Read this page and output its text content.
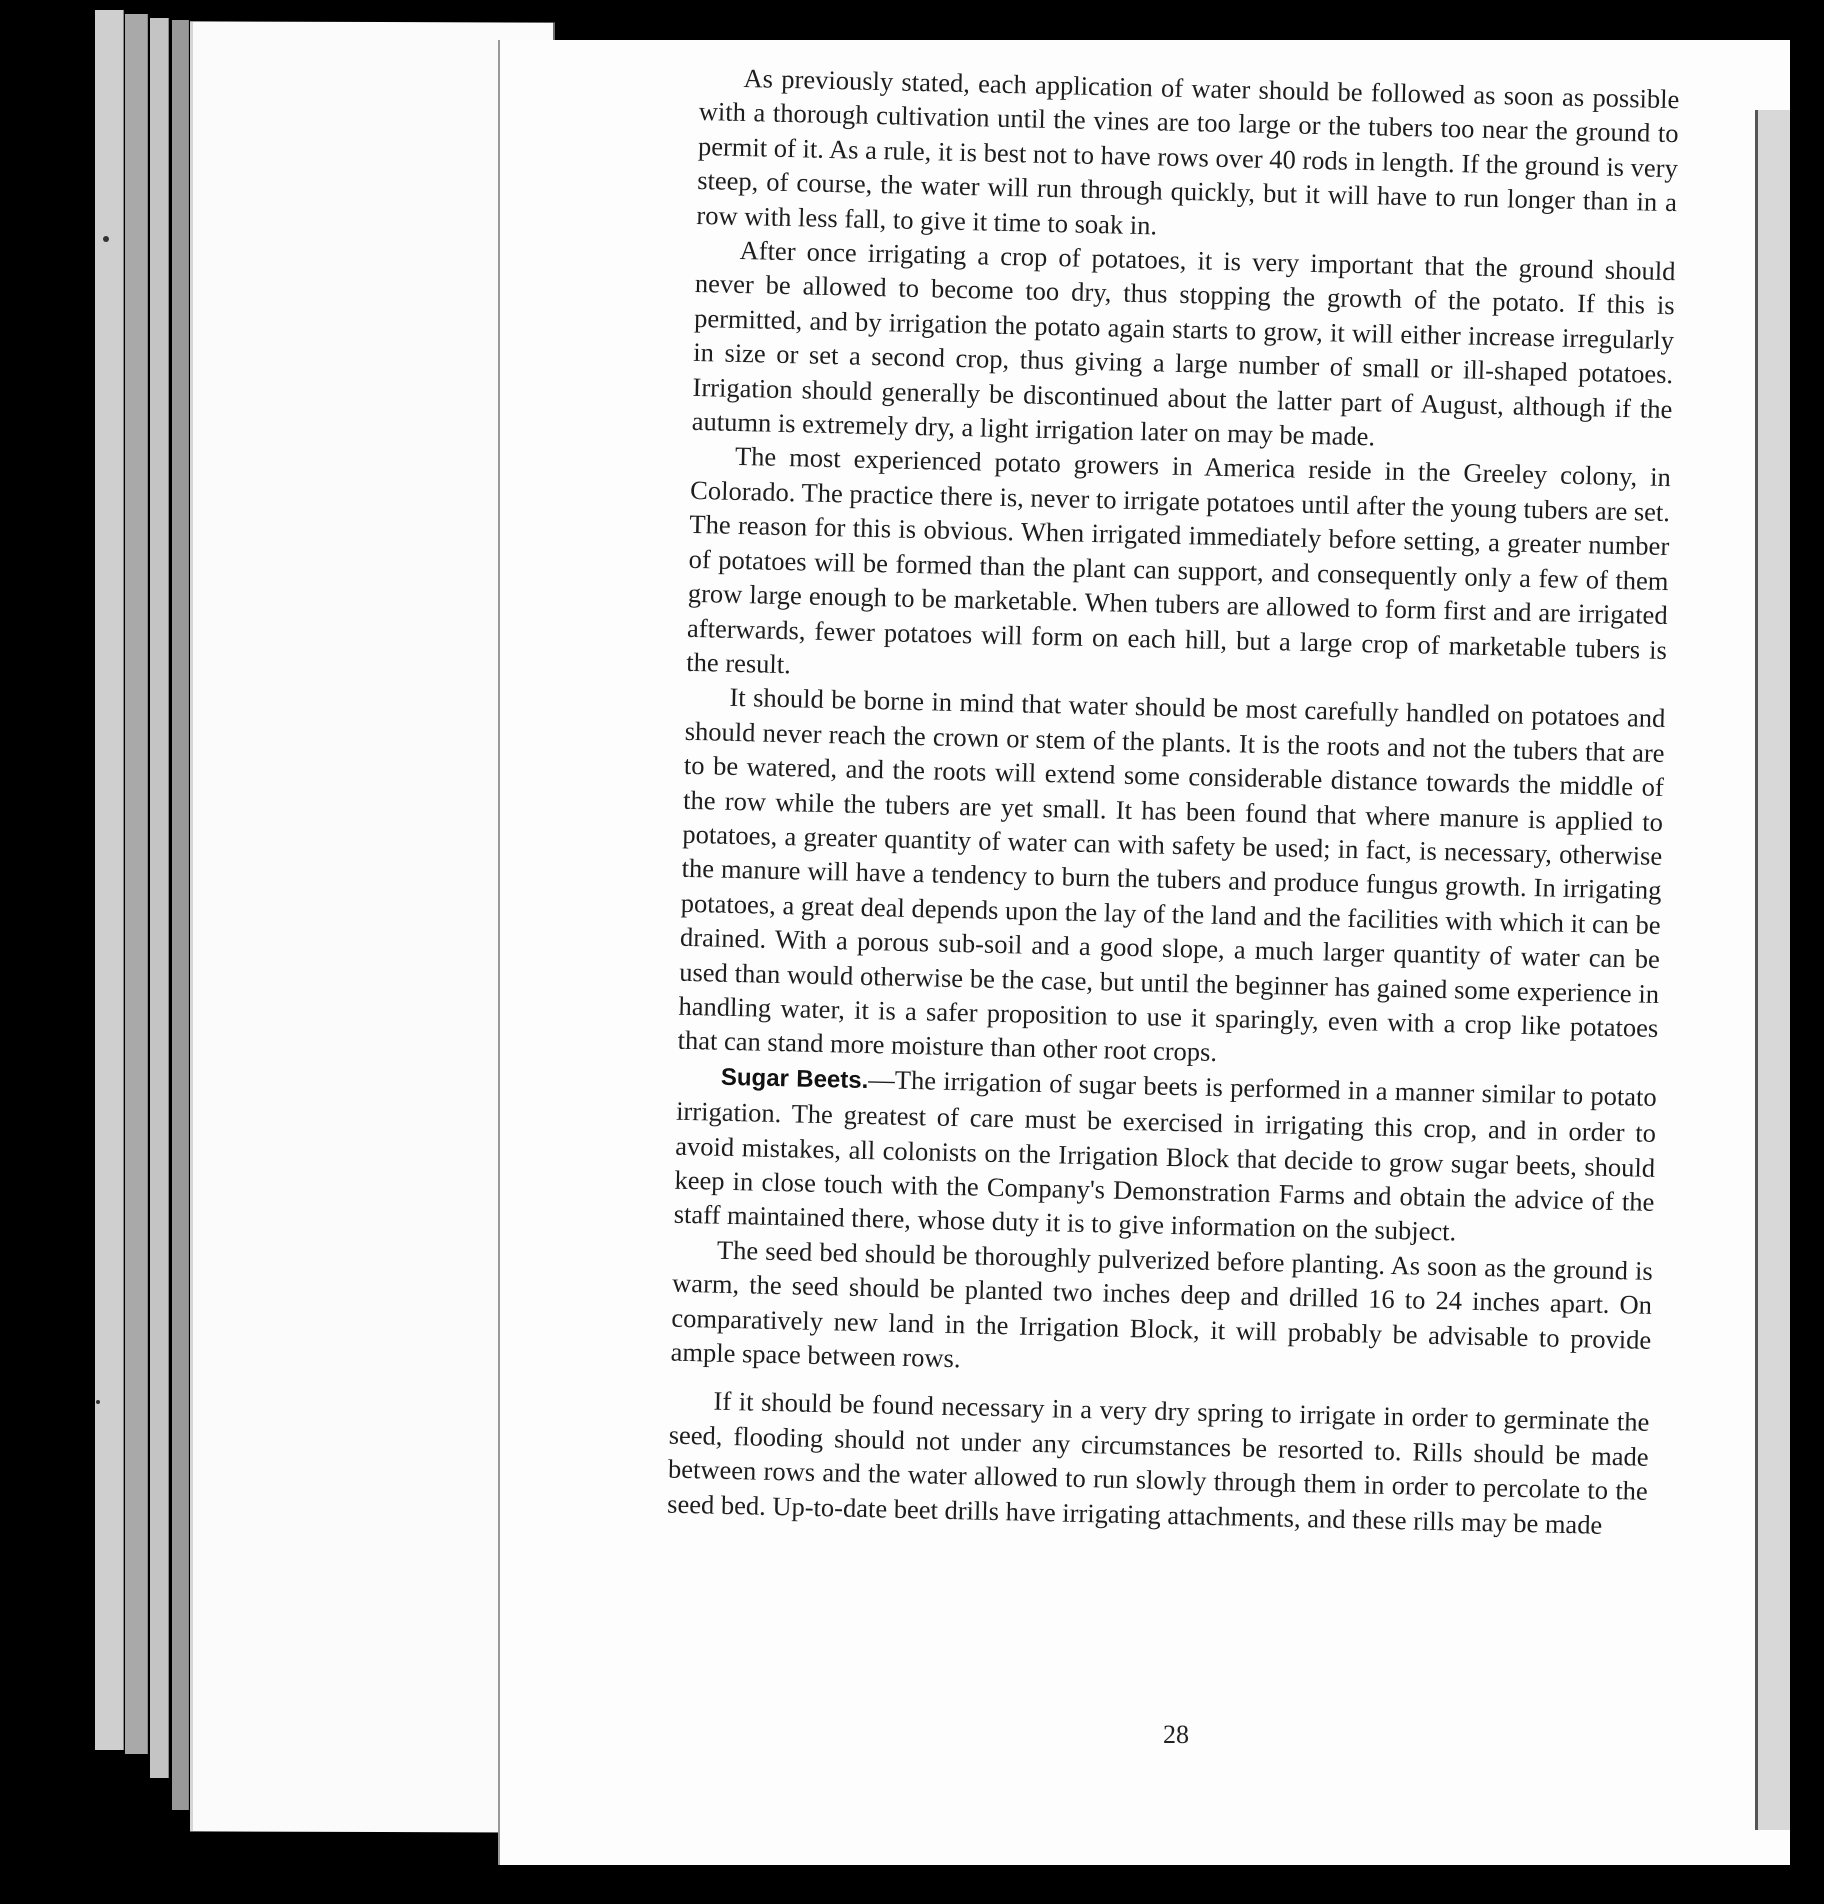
As previously stated, each application of water should be followed as soon as possible with a thorough cultivation until the vines are too large or the tubers too near the ground to permit of it. As a rule, it is best not to have rows over 40 rods in length. If the ground is very steep, of course, the water will run through quickly, but it will have to run longer than in a row with less fall, to give it time to soak in.

After once irrigating a crop of potatoes, it is very important that the ground should never be allowed to become too dry, thus stopping the growth of the potato. If this is permitted, and by irrigation the potato again starts to grow, it will either increase irregularly in size or set a second crop, thus giving a large number of small or ill-shaped potatoes. Irrigation should generally be discontinued about the latter part of August, although if the autumn is extremely dry, a light irrigation later on may be made.

The most experienced potato growers in America reside in the Greeley colony, in Colorado. The practice there is, never to irrigate potatoes until after the young tubers are set. The reason for this is obvious. When irrigated immediately before setting, a greater number of potatoes will be formed than the plant can support, and consequently only a few of them grow large enough to be marketable. When tubers are allowed to form first and are irrigated afterwards, fewer potatoes will form on each hill, but a large crop of marketable tubers is the result.

It should be borne in mind that water should be most carefully handled on potatoes and should never reach the crown or stem of the plants. It is the roots and not the tubers that are to be watered, and the roots will extend some considerable distance towards the middle of the row while the tubers are yet small. It has been found that where manure is applied to potatoes, a greater quantity of water can with safety be used; in fact, is necessary, otherwise the manure will have a tendency to burn the tubers and produce fungus growth. In irrigating potatoes, a great deal depends upon the lay of the land and the facilities with which it can be drained. With a porous sub-soil and a good slope, a much larger quantity of water can be used than would otherwise be the case, but until the beginner has gained some experience in handling water, it is a safer proposition to use it sparingly, even with a crop like potatoes that can stand more moisture than other root crops.

Sugar Beets.—The irrigation of sugar beets is performed in a manner similar to potato irrigation. The greatest of care must be exercised in irrigating this crop, and in order to avoid mistakes, all colonists on the Irrigation Block that decide to grow sugar beets, should keep in close touch with the Company's Demonstration Farms and obtain the advice of the staff maintained there, whose duty it is to give information on the subject.

The seed bed should be thoroughly pulverized before planting. As soon as the ground is warm, the seed should be planted two inches deep and drilled 16 to 24 inches apart. On comparatively new land in the Irrigation Block, it will probably be advisable to provide ample space between rows.

If it should be found necessary in a very dry spring to irrigate in order to germinate the seed, flooding should not under any circumstances be resorted to. Rills should be made between rows and the water allowed to run slowly through them in order to percolate to the seed bed. Up-to-date beet drills have irrigating attachments, and these rills may be made

28
